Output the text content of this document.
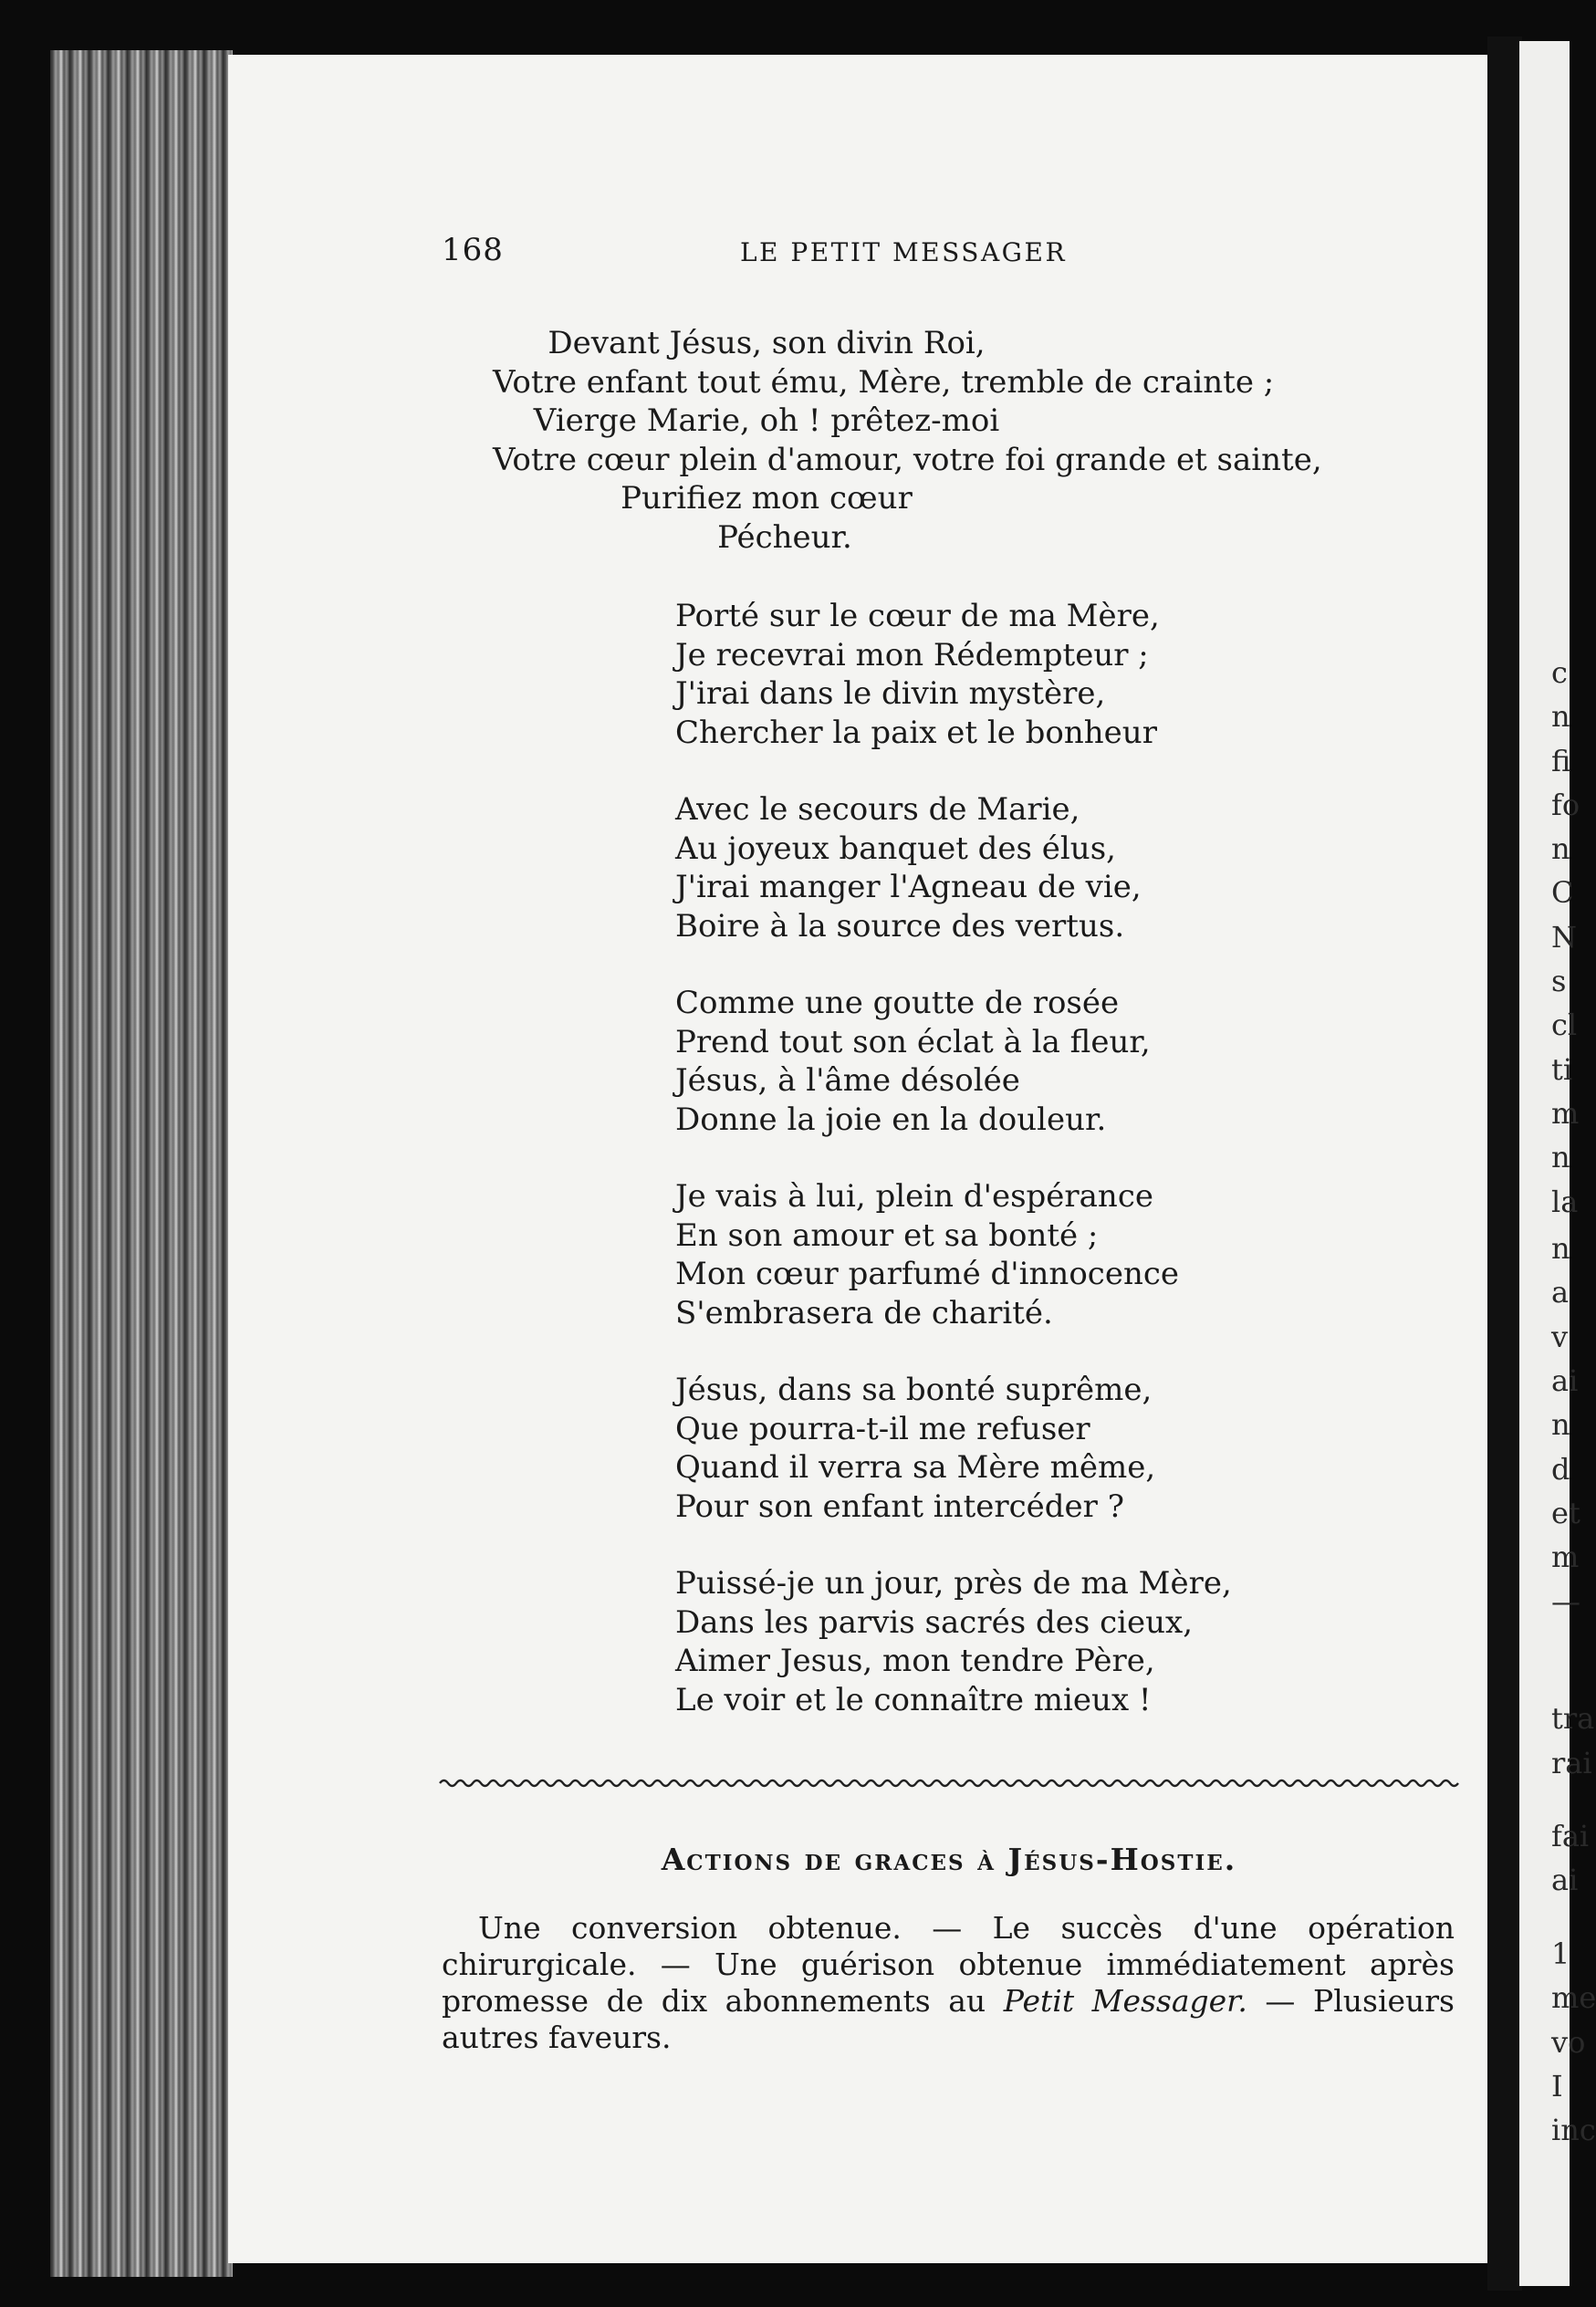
c
n
fi
fo
n
C
N
s
cl
ti
m
n
la
n
a
v
ai
n
d
et
m
—
tra
rai
fai
ai
1
me
vo
I
inc
168	LE PETIT MESSAGER
Devant Jésus, son divin Roi,
Votre enfant tout ému, Mère, tremble de crainte ;
Vierge Marie, oh ! prêtez-moi
Votre cœur plein d'amour, votre foi grande et sainte,
Purifiez mon cœur
Pécheur.
Porté sur le cœur de ma Mère,
Je recevrai mon Rédempteur ;
J'irai dans le divin mystère,
Chercher la paix et le bonheur
Avec le secours de Marie,
Au joyeux banquet des élus,
J'irai manger l'Agneau de vie,
Boire à la source des vertus.
Comme une goutte de rosée
Prend tout son éclat à la fleur,
Jésus, à l'âme désolée
Donne la joie en la douleur.
Je vais à lui, plein d'espérance
En son amour et sa bonté ;
Mon cœur parfumé d'innocence
S'embrasera de charité.
Jésus, dans sa bonté suprême,
Que pourra-t-il me refuser
Quand il verra sa Mère même,
Pour son enfant intercéder ?
Puissé-je un jour, près de ma Mère,
Dans les parvis sacrés des cieux,
Aimer Jesus, mon tendre Père,
Le voir et le connaître mieux !
Actions de graces à Jésus-Hostie.
Une conversion obtenue. — Le succès d'une opération chirurgicale. — Une guérison obtenue immédiatement après promesse de dix abonnements au Petit Messager. — Plusieurs autres faveurs.
